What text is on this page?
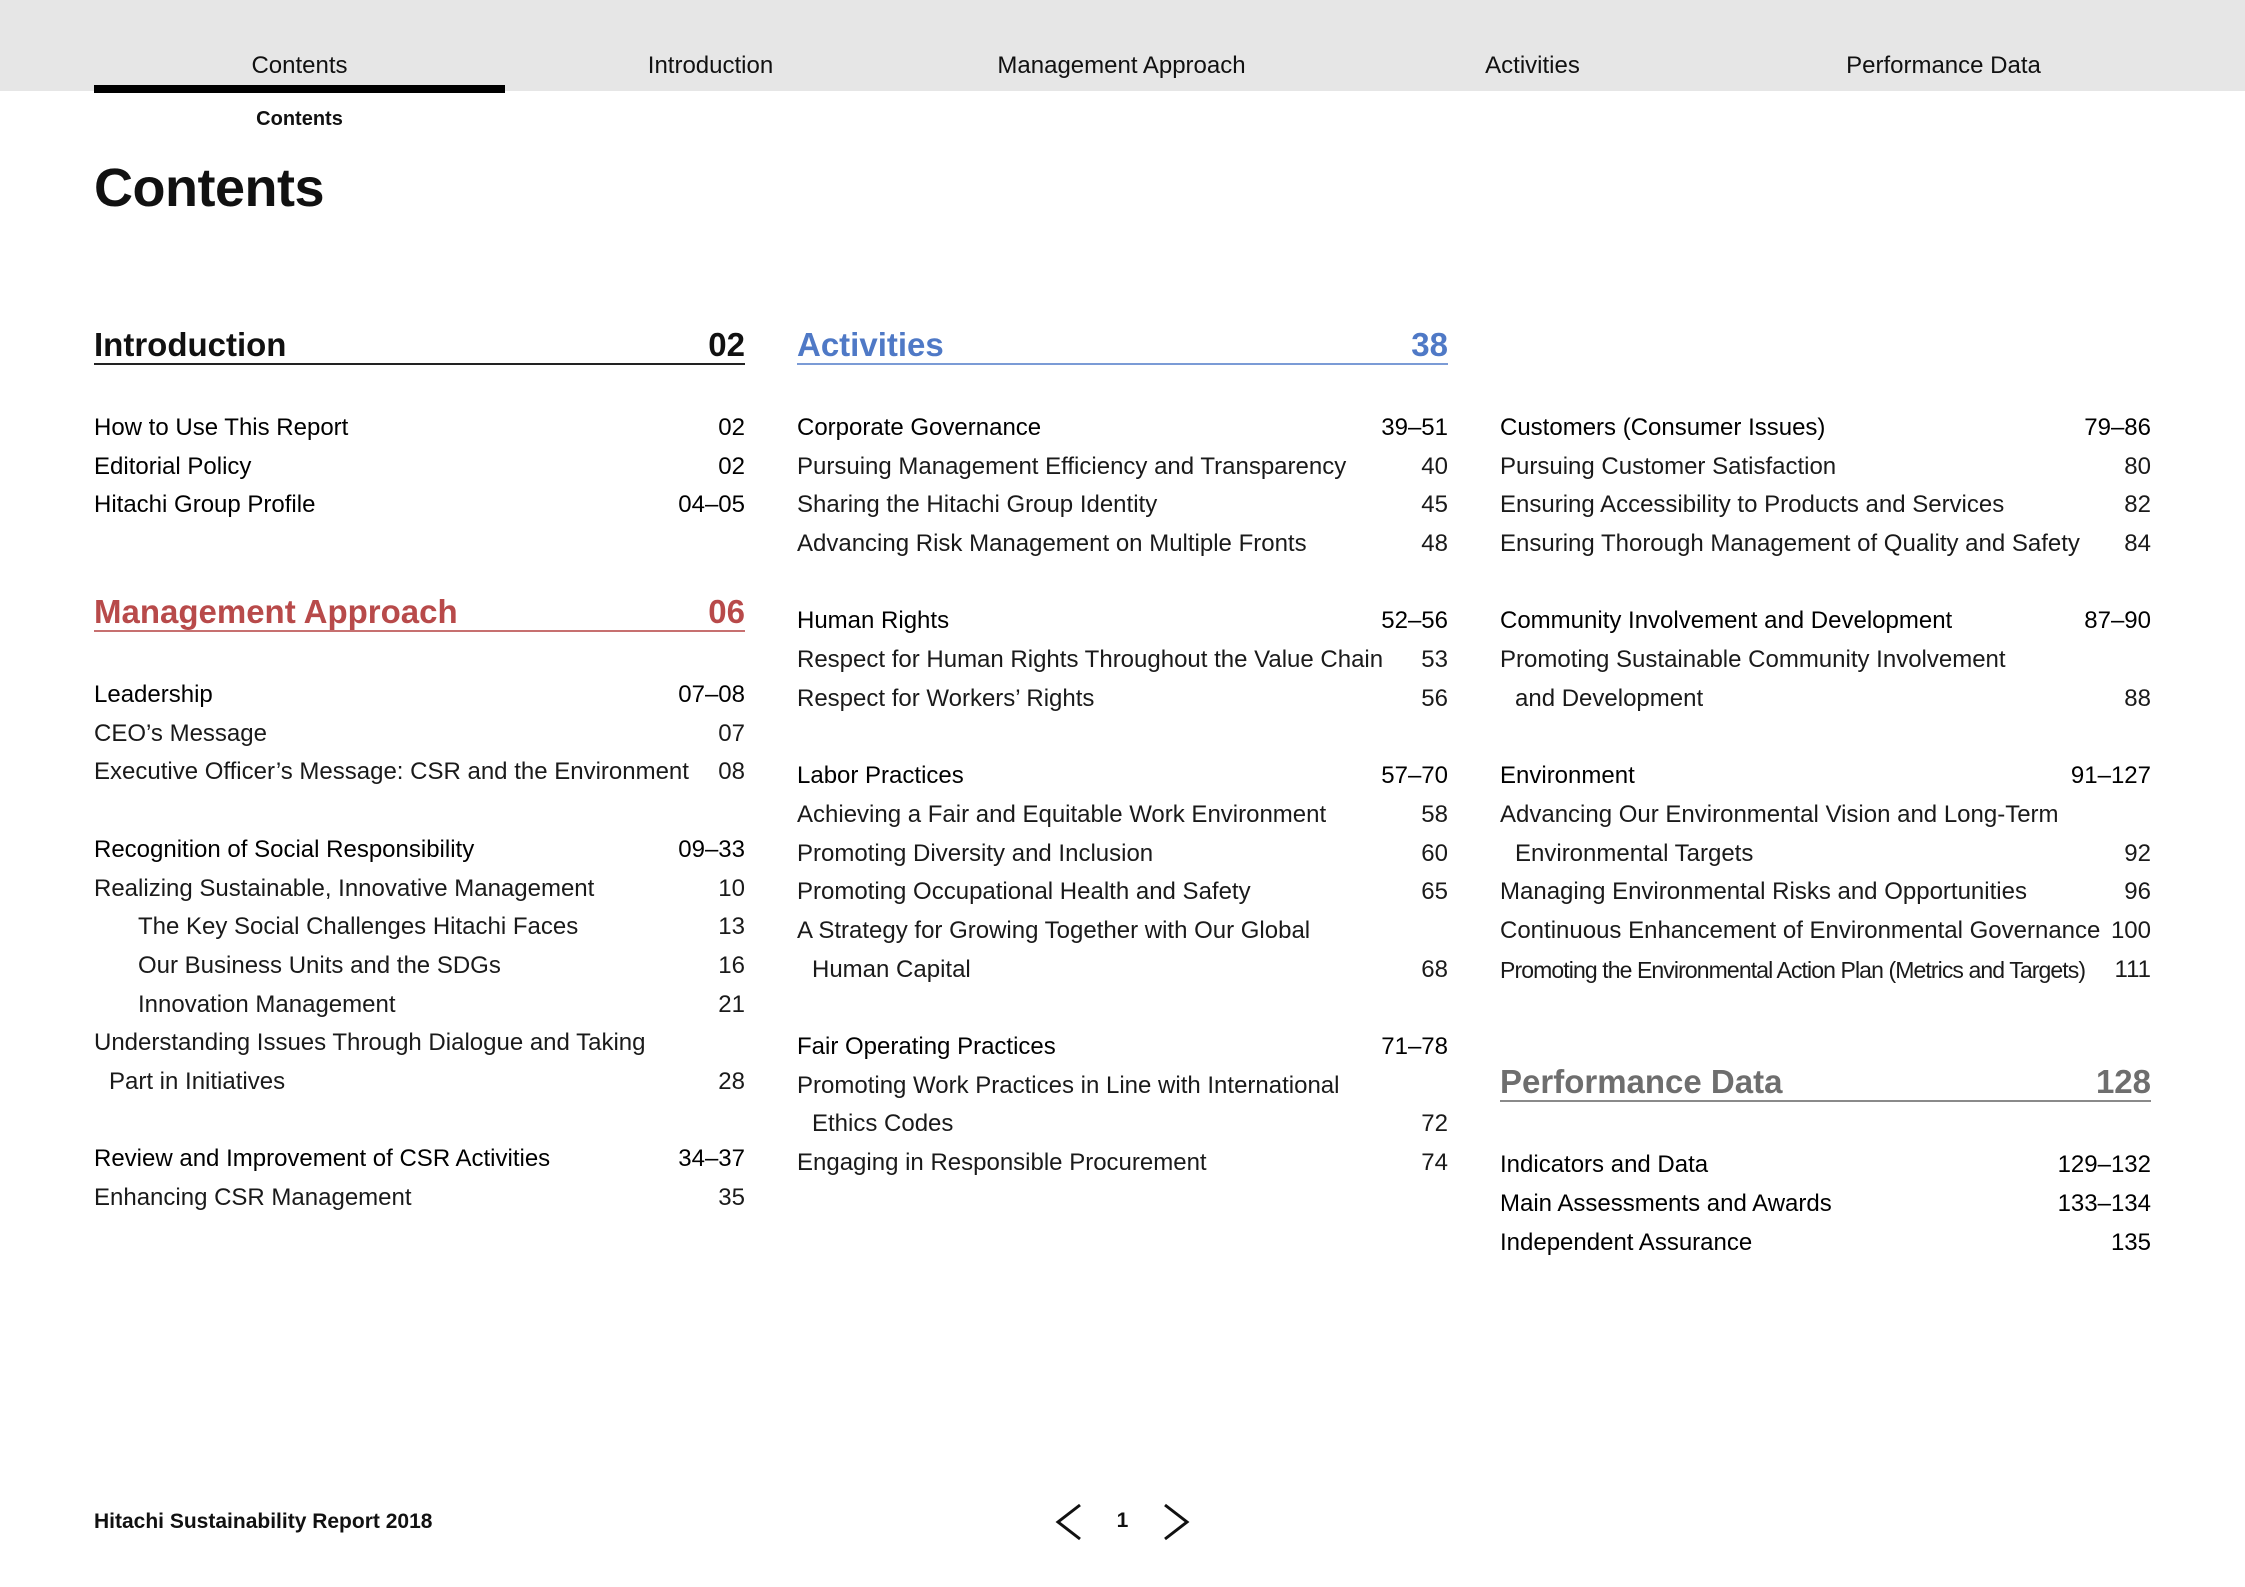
Contents	Introduction	Management Approach	Activities	Performance Data
Contents
Contents
Introduction	02
How to Use This Report	02
Editorial Policy	02
Hitachi Group Profile	04–05
Management Approach	06
Leadership	07–08
CEO’s Message	07
Executive Officer’s Message: CSR and the Environment 08
Recognition of Social Responsibility	09–33
Realizing Sustainable, Innovative Management	10
The Key Social Challenges Hitachi Faces	13
Our Business Units and the SDGs	16
Innovation Management	21
Understanding Issues Through Dialogue and Taking
Part in Initiatives	28
Review and Improvement of CSR Activities	34–37
Enhancing CSR Management	35
Activities	38
Corporate Governance	39–51
Pursuing Management Efficiency and Transparency	40
Sharing the Hitachi Group Identity	45
Advancing Risk Management on Multiple Fronts	48
Human Rights	52–56
Respect for Human Rights Throughout the Value Chain 53
Respect for Workers’ Rights	56
Labor Practices	57–70
Achieving a Fair and Equitable Work Environment	58
Promoting Diversity and Inclusion	60
Promoting Occupational Health and Safety	65
A Strategy for Growing Together with Our Global
Human Capital	68
Fair Operating Practices	71–78
Promoting Work Practices in Line with International
Ethics Codes	72
Engaging in Responsible Procurement	74
Customers (Consumer Issues)	79–86
Pursuing Customer Satisfaction	80
Ensuring Accessibility to Products and Services	82
Ensuring Thorough Management of Quality and Safety 84
Community Involvement and Development	87–90
Promoting Sustainable Community Involvement
and Development	88
Environment	91–127
Advancing Our Environmental Vision and Long-Term
Environmental Targets	92
Managing Environmental Risks and Opportunities	96
Continuous Enhancement of Environmental Governance 100
Promoting the Environmental Action Plan (Metrics and Targets) 111
Performance Data	128
Indicators and Data	129–132
Main Assessments and Awards	133–134
Independent Assurance	135
Hitachi Sustainability Report 2018	1
